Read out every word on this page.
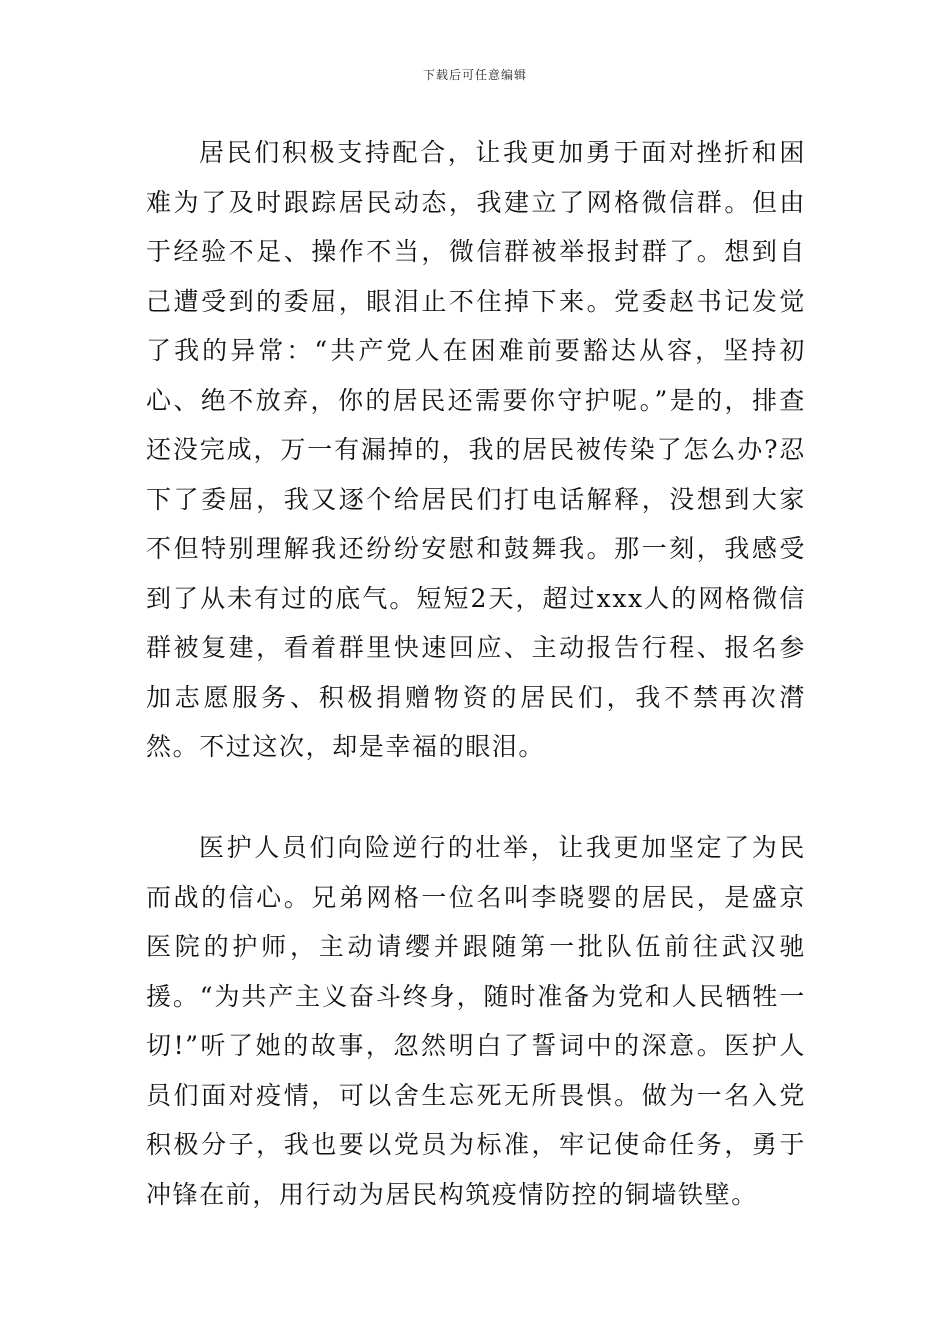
下载后可任意编辑

居民们积极支持配合，让我更加勇于面对挫折和困难为了及时跟踪居民动态，我建立了网格微信群。但由于经验不足、操作不当，微信群被举报封群了。想到自己遭受到的委屈，眼泪止不住掉下来。党委赵书记发觉了我的异常：“共产党人在困难前要豁达从容，坚持初心、绝不放弃，你的居民还需要你守护呢。”是的，排查还没完成，万一有漏掉的，我的居民被传染了怎么办?忍下了委屈，我又逐个给居民们打电话解释，没想到大家不但特别理解我还纷纷安慰和鼓舞我。那一刻，我感受到了从未有过的底气。短短2天，超过xxx人的网格微信群被复建，看着群里快速回应、主动报告行程、报名参加志愿服务、积极捐赠物资的居民们，我不禁再次潸然。不过这次，却是幸福的眼泪。

医护人员们向险逆行的壮举，让我更加坚定了为民而战的信心。兄弟网格一位名叫李晓婴的居民，是盛京医院的护师，主动请缨并跟随第一批队伍前往武汉驰援。“为共产主义奋斗终身，随时准备为党和人民牺牲一切!”听了她的故事，忽然明白了誓词中的深意。医护人员们面对疫情，可以舍生忘死无所畏惧。做为一名入党积极分子，我也要以党员为标准，牢记使命任务，勇于冲锋在前，用行动为居民构筑疫情防控的铜墙铁壁。
